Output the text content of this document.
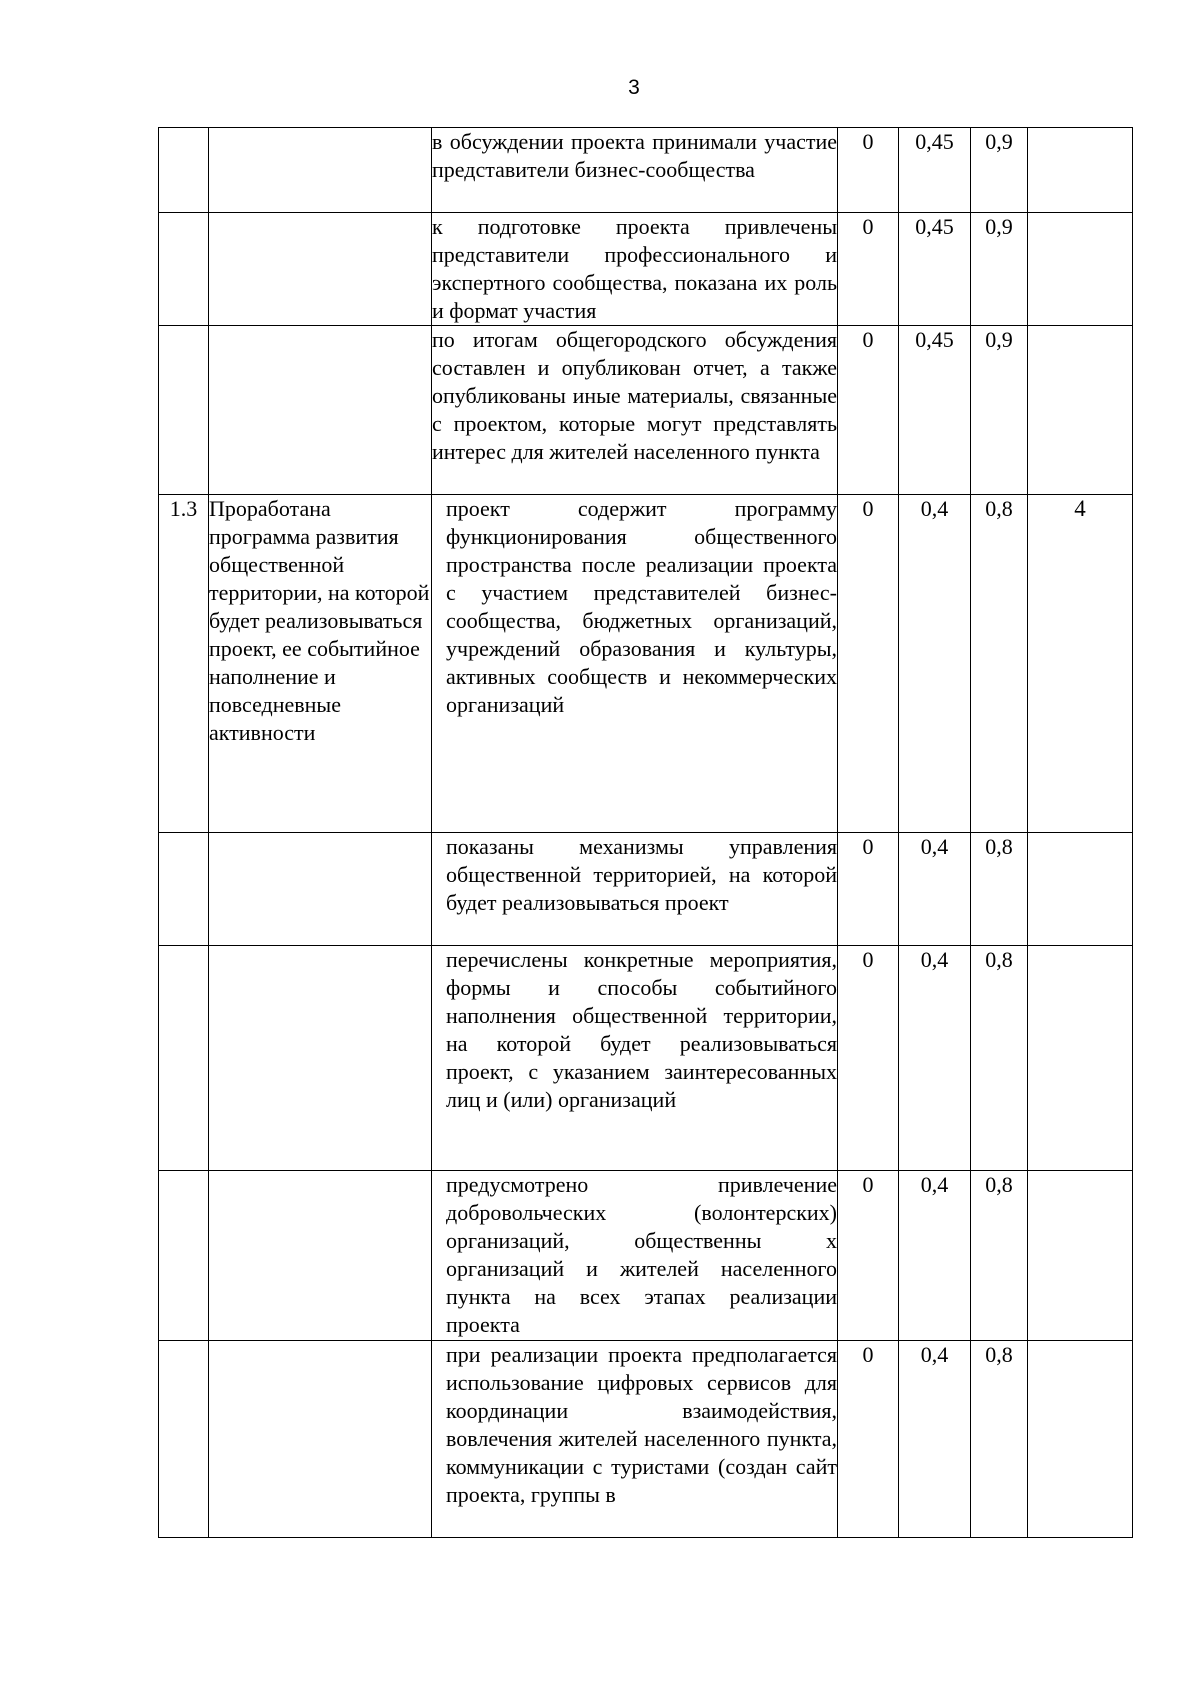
3

		в обсуждении проекта принимали участие представители бизнес-сообщества	0	0,45	0,9	

		к подготовке проекта привлечены представители профессионального и экспертного сообщества, показана их роль и формат участия	0	0,45	0,9	

		по итогам общегородского обсуждения составлен и опубликован отчет, а также опубликованы иные материалы, связанные с проектом, которые могут представлять интерес для жителей населенного пункта	0	0,45	0,9	
1.3	Проработана программа развития общественной территории, на которой будет реализовываться проект, ее событийное наполнение и повседневные активности	проект содержит программу функционирования общественного пространства после реализации проекта с участием представителей бизнес-сообщества, бюджетных организаций, учреждений образования и культуры, активных сообществ и некоммерческих организаций	0	0,4	0,8	4

		показаны механизмы управления общественной территорией, на которой будет реализовываться проект	0	0,4	0,8	

		перечислены конкретные мероприятия, формы и способы событийного наполнения общественной территории, на которой будет реализовываться проект, с указанием заинтересованных лиц и (или) организаций	0	0,4	0,8	

		предусмотрено привлечение добровольческих (волонтерских) организаций, общественны х организаций и жителей населенного пункта на всех этапах реализации проекта	0	0,4	0,8	

		при реализации проекта предполагается использование цифровых сервисов для координации взаимодействия, вовлечения жителей населенного пункта, коммуникации с туристами (создан сайт проекта, группы в	0	0,4	0,8	
